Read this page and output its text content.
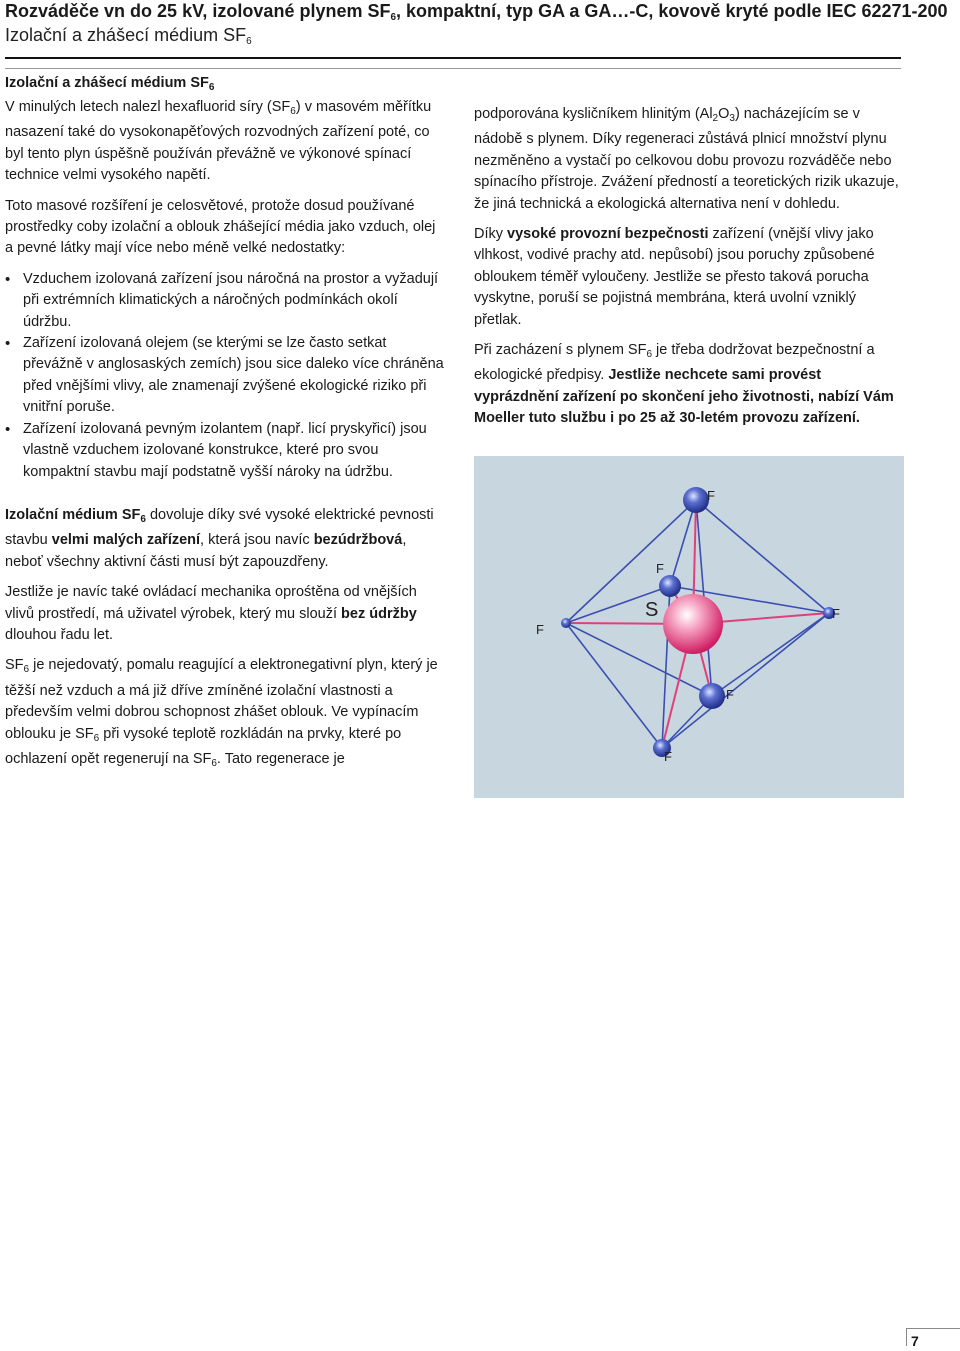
Rozváděče vn do 25 kV, izolované plynem $SF_6$, kompaktní, typ GA a GA…-C, kovově kryté podle IEC 62271-200
Izolační a zhášecí médium $SF_6$
Izolační a zhášecí médium $SF_6$

V minulých letech nalezl hexafluorid síry $(SF_6)$ v masovém měřítku nasazení také do vysokonapěťových rozvodných zařízení poté, co byl tento plyn úspěšně používán převážně ve výkonové spínací technice velmi vysokého napětí.

Toto masové rozšíření je celosvětové, protože dosud používané prostředky coby izolační a oblouk zhášející média jako vzduch, olej a pevné látky mají více nebo méně velké nedostatky:

• Vzduchem izolovaná zařízení jsou náročná na prostor a vyžadují při extrémních klimatických a náročných podmínkách okolí údržbu.
• Zařízení izolovaná olejem (se kterými se lze často setkat převážně v anglosaských zemích) jsou sice daleko více chráněna před vnějšími vlivy, ale znamenají zvýšené ekologické riziko při vnitřní poruše.
• Zařízení izolovaná pevným izolantem (např. licí pryskyřicí) jsou vlastně vzduchem izolované konstrukce, které pro svou kompaktní stavbu mají podstatně vyšší nároky na údržbu.

Izolační médium $SF_6$ dovoluje díky své vysoké elektrické pevnosti stavbu velmi malých zařízení, která jsou navíc bezúdržbová, neboť všechny aktivní části musí být zapouzdřeny.

Jestliže je navíc také ovládací mechanika oprośtěna od vnějších vlivů prostředí, má uživatel výrobek, který mu slouží bez údržby dlouhou řadu let.

$SF_6$ je nejedovatý, pomalu reagující a elektronegativní plyn, který je těžší než vzduch a má již dříve zmíněné izolační vlastnosti a především velmi dobrou schopnost zhášet oblouk. Ve vypínacím oblouku je $SF_6$ při vysoké teplotě rozkládán na prvky, které po ochlazení opět regenerují na $SF_6$. Tato regenerace je

podporována kysličníkem hlinitým $(Al_2O_3)$ nacházejícím se v nádobě s plynem. Díky regeneraci zůstává plnicí množství plynu nezměněno a vystačí po celkovou dobu provozu rozváděče nebo spínacího přístroje. Zvážení předností a teoretických rizik ukazuje, že jiná technická a ekologická alternativa není v dohledu.

Díky vysoké provozní bezpečnosti zařízení (vnější vlivy jako vlhkost, vodivé prachy atd. nepůsobí) jsou poruchy způsobené obloukem téměř vyloučeny. Jestliže se přesto taková porucha vyskytne, poruší se pojistná membrána, která uvolní vzniklý přetlak.

Při zacházení s plynem $SF_6$ je třeba dodržovat bezpečnostní a ekologické předpisy. Jestliže nechcete sami provést vyprázdnění zařízení po skončení jeho životnosti, nabízí Vám Moeller tuto službu i po 25 až 30-letém provozu zařízení.

F
F
F
F
F
F
S
7
